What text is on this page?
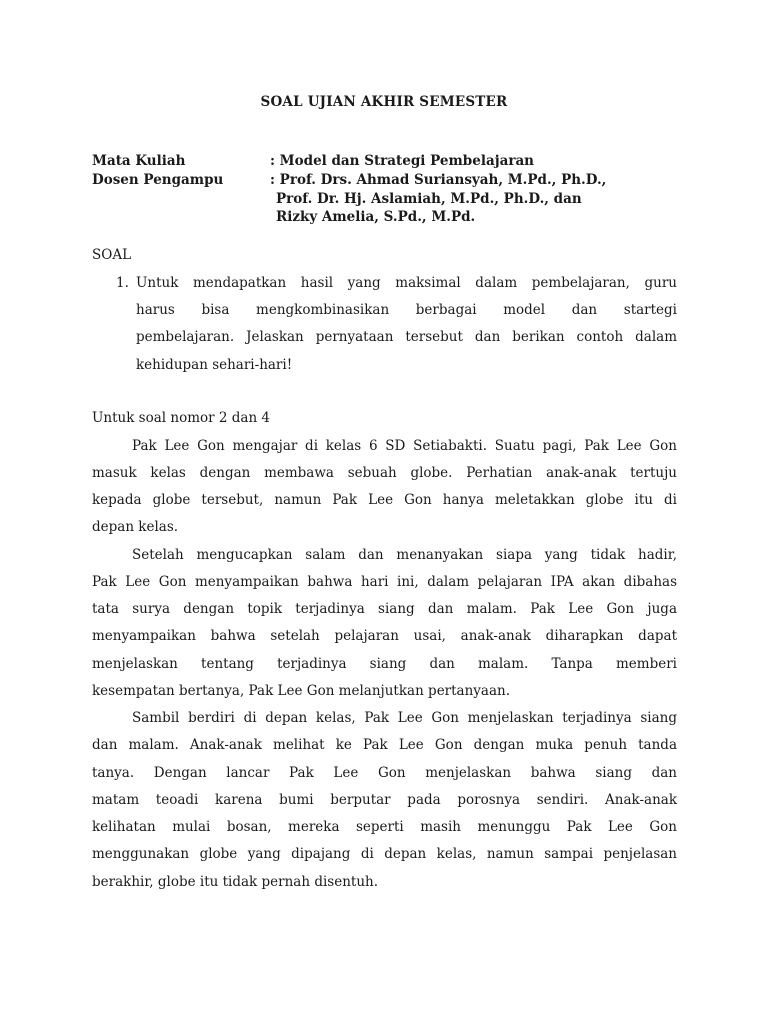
SOAL UJIAN AKHIR SEMESTER
Mata Kuliah	: Model dan Strategi Pembelajaran
Dosen Pengampu	: Prof. Drs. Ahmad Suriansyah, M.Pd., Ph.D.,
Prof. Dr. Hj. Aslamiah, M.Pd., Ph.D., dan
Rizky Amelia, S.Pd., M.Pd.
SOAL
1. Untuk mendapatkan hasil yang maksimal dalam pembelajaran, guru
harus bisa mengkombinasikan berbagai model dan startegi
pembelajaran. Jelaskan pernyataan tersebut dan berikan contoh dalam
kehidupan sehari-hari!
Untuk soal nomor 2 dan 4
Pak Lee Gon mengajar di kelas 6 SD Setiabakti. Suatu pagi, Pak Lee Gon
masuk kelas dengan membawa sebuah globe. Perhatian anak-anak tertuju
kepada globe tersebut, namun Pak Lee Gon hanya meletakkan globe itu di
depan kelas.
Setelah mengucapkan salam dan menanyakan siapa yang tidak hadir,
Pak Lee Gon menyampaikan bahwa hari ini, dalam pelajaran IPA akan dibahas
tata surya dengan topik terjadinya siang dan malam. Pak Lee Gon juga
menyampaikan bahwa setelah pelajaran usai, anak-anak diharapkan dapat
menjelaskan tentang terjadinya siang dan malam. Tanpa memberi
kesempatan bertanya, Pak Lee Gon melanjutkan pertanyaan.
Sambil berdiri di depan kelas, Pak Lee Gon menjelaskan terjadinya siang
dan malam. Anak-anak melihat ke Pak Lee Gon dengan muka penuh tanda
tanya. Dengan lancar Pak Lee Gon menjelaskan bahwa siang dan
matam teoadi karena bumi berputar pada porosnya sendiri. Anak-anak
kelihatan mulai bosan, mereka seperti masih menunggu Pak Lee Gon
menggunakan globe yang dipajang di depan kelas, namun sampai penjelasan
berakhir, globe itu tidak pernah disentuh.
